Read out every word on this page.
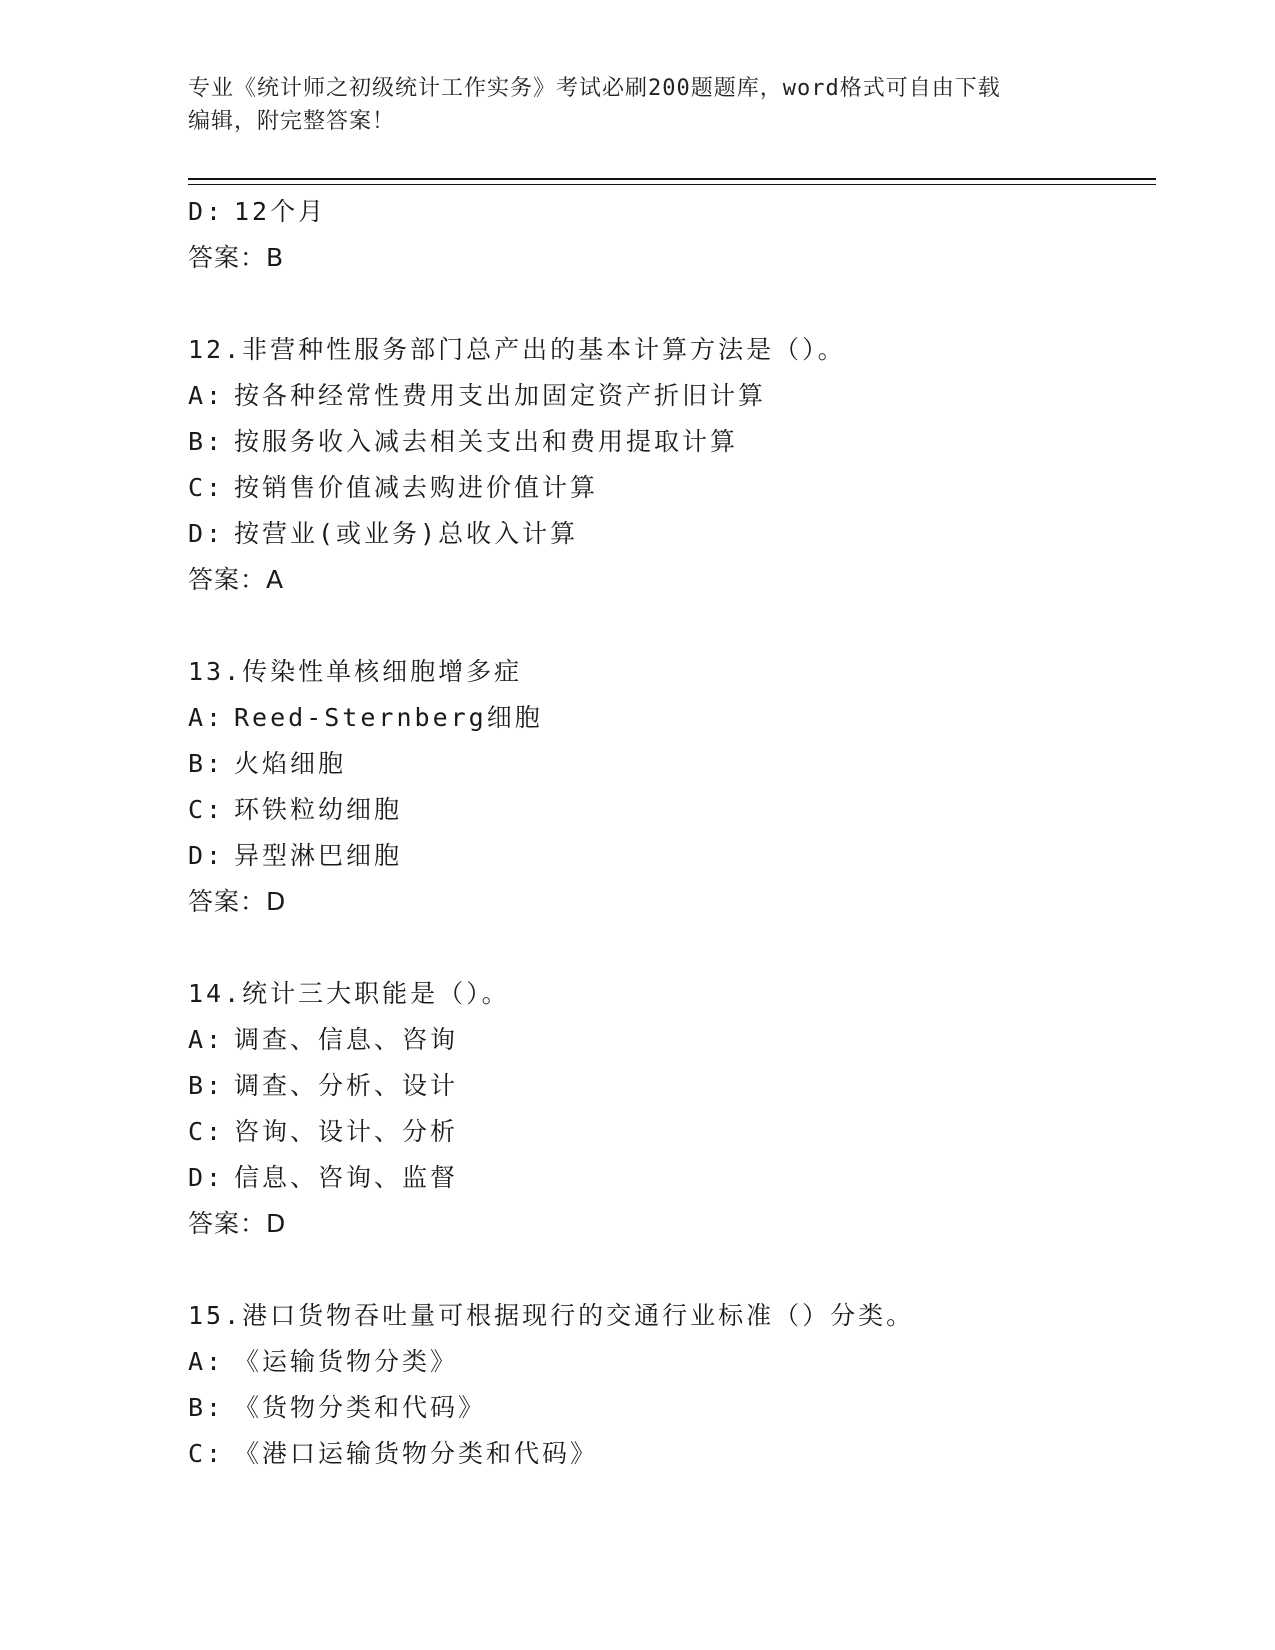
专业《统计师之初级统计工作实务》考试必刷200题题库，word格式可自由下载
编辑，附完整答案！
D: 12个月
答案：B
12.非营种性服务部门总产出的基本计算方法是（）。
A: 按各种经常性费用支出加固定资产折旧计算
B: 按服务收入减去相关支出和费用提取计算
C: 按销售价值减去购进价值计算
D: 按营业(或业务)总收入计算
答案：A
13.传染性单核细胞增多症
A: Reed-Sternberg细胞
B: 火焰细胞
C: 环铁粒幼细胞
D: 异型淋巴细胞
答案：D
14.统计三大职能是（）。
A: 调查、信息、咨询
B: 调查、分析、设计
C: 咨询、设计、分析
D: 信息、咨询、监督
答案：D
15.港口货物吞吐量可根据现行的交通行业标准（）分类。
A: 《运输货物分类》
B: 《货物分类和代码》
C: 《港口运输货物分类和代码》
